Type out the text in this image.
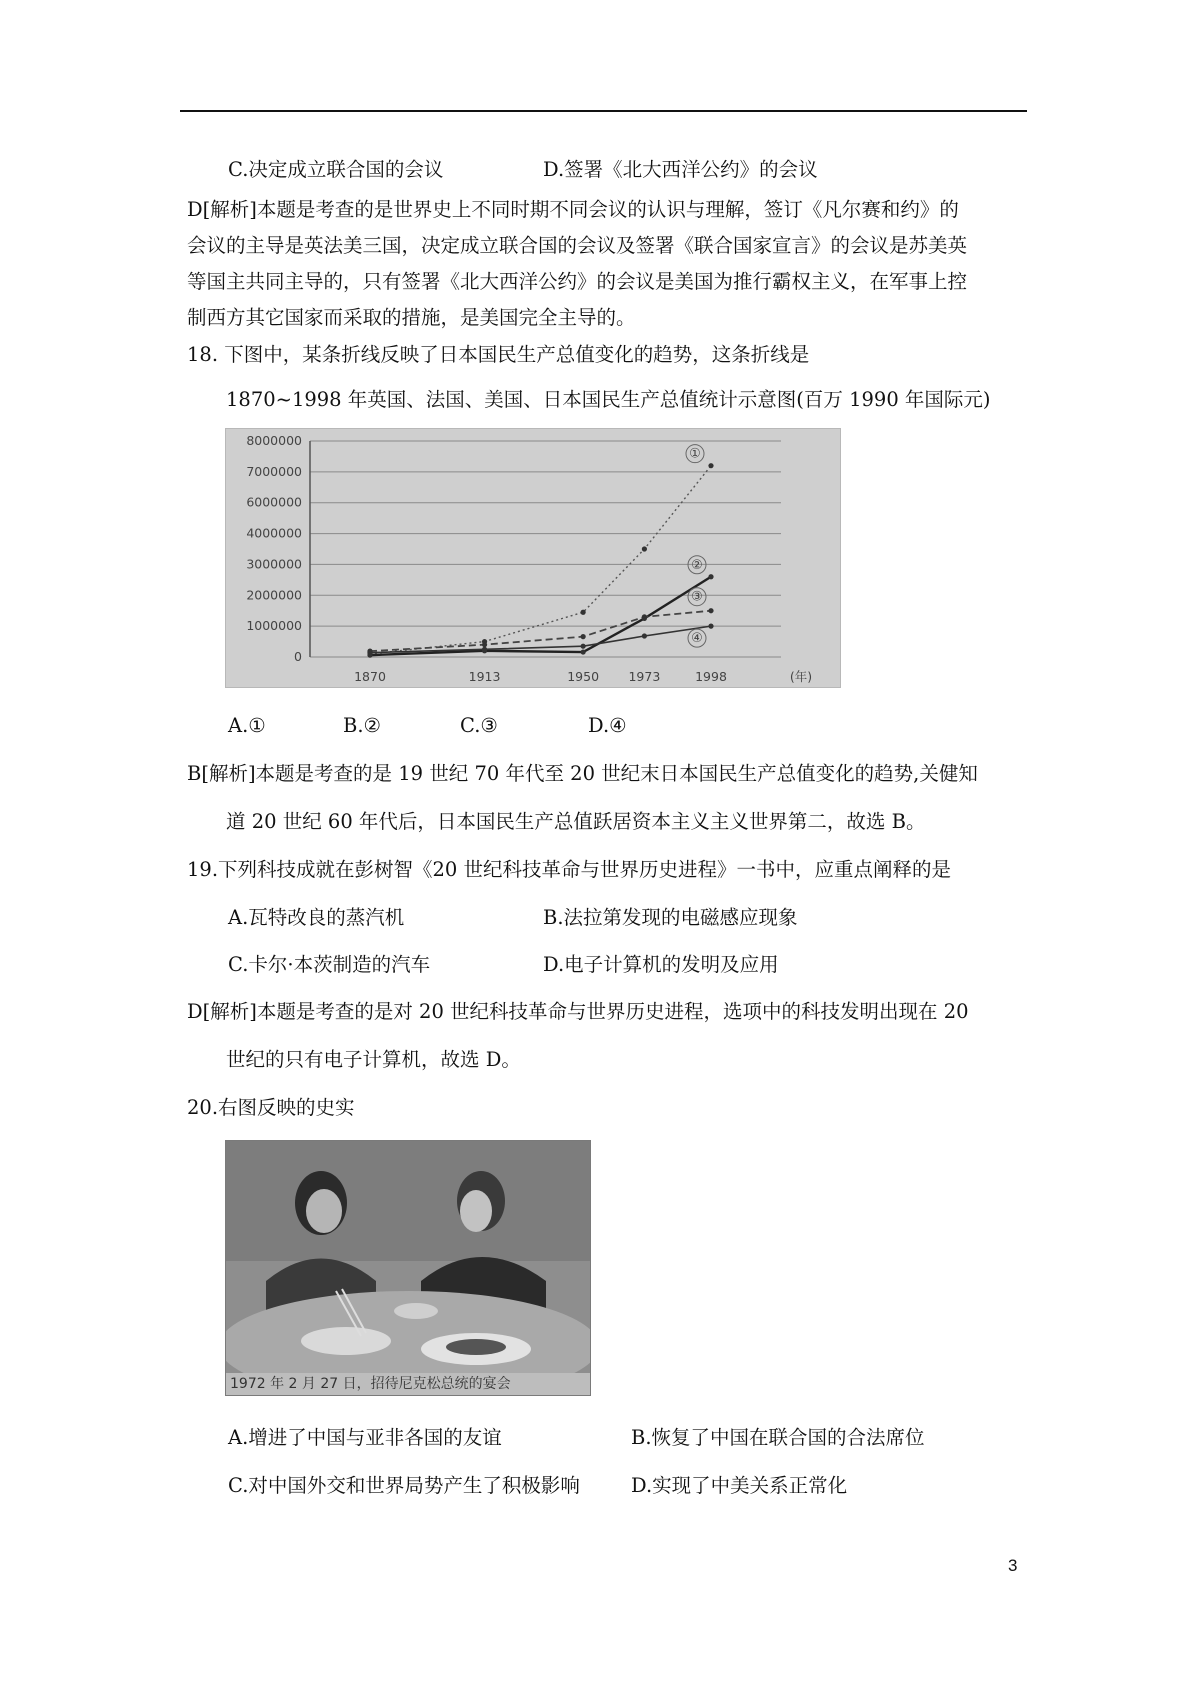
C.决定成立联合国的会议	D.签署《北大西洋公约》的会议
D[解析]本题是考查的是世界史上不同时期不同会议的认识与理解，签订《凡尔赛和约》的
会议的主导是英法美三国，决定成立联合国的会议及签署《联合国家宣言》的会议是苏美英
等国主共同主导的，只有签署《北大西洋公约》的会议是美国为推行霸权主义，在军事上控
制西方其它国家而采取的措施，是美国完全主导的。
18. 下图中，某条折线反映了日本国民生产总值变化的趋势，这条折线是
1870~1998 年英国、法国、美国、日本国民生产总值统计示意图(百万 1990 年国际元)
8000000
7000000
6000000
4000000
3000000
2000000
1000000
0
1870	1913	1950 1973	1998	(年)
①
②
③
④
A.①	B.②	C.③	D.④
B[解析]本题是考查的是 19 世纪 70 年代至 20 世纪末日本国民生产总值变化的趋势,关健知
道 20 世纪 60 年代后，日本国民生产总值跃居资本主义主义世界第二，故选 B。
19.下列科技成就在彭树智《20 世纪科技革命与世界历史进程》一书中，应重点阐释的是
A.瓦特改良的蒸汽机	B.法拉第发现的电磁感应现象
C.卡尔·本茨制造的汽车	D.电子计算机的发明及应用
D[解析]本题是考查的是对 20 世纪科技革命与世界历史进程，选项中的科技发明出现在 20
世纪的只有电子计算机，故选 D。
20.右图反映的史实
1972 年 2 月 27 日，招待尼克松总统的宴会
A.增进了中国与亚非各国的友谊	B.恢复了中国在联合国的合法席位
C.对中国外交和世界局势产生了积极影响	D.实现了中美关系正常化
3
